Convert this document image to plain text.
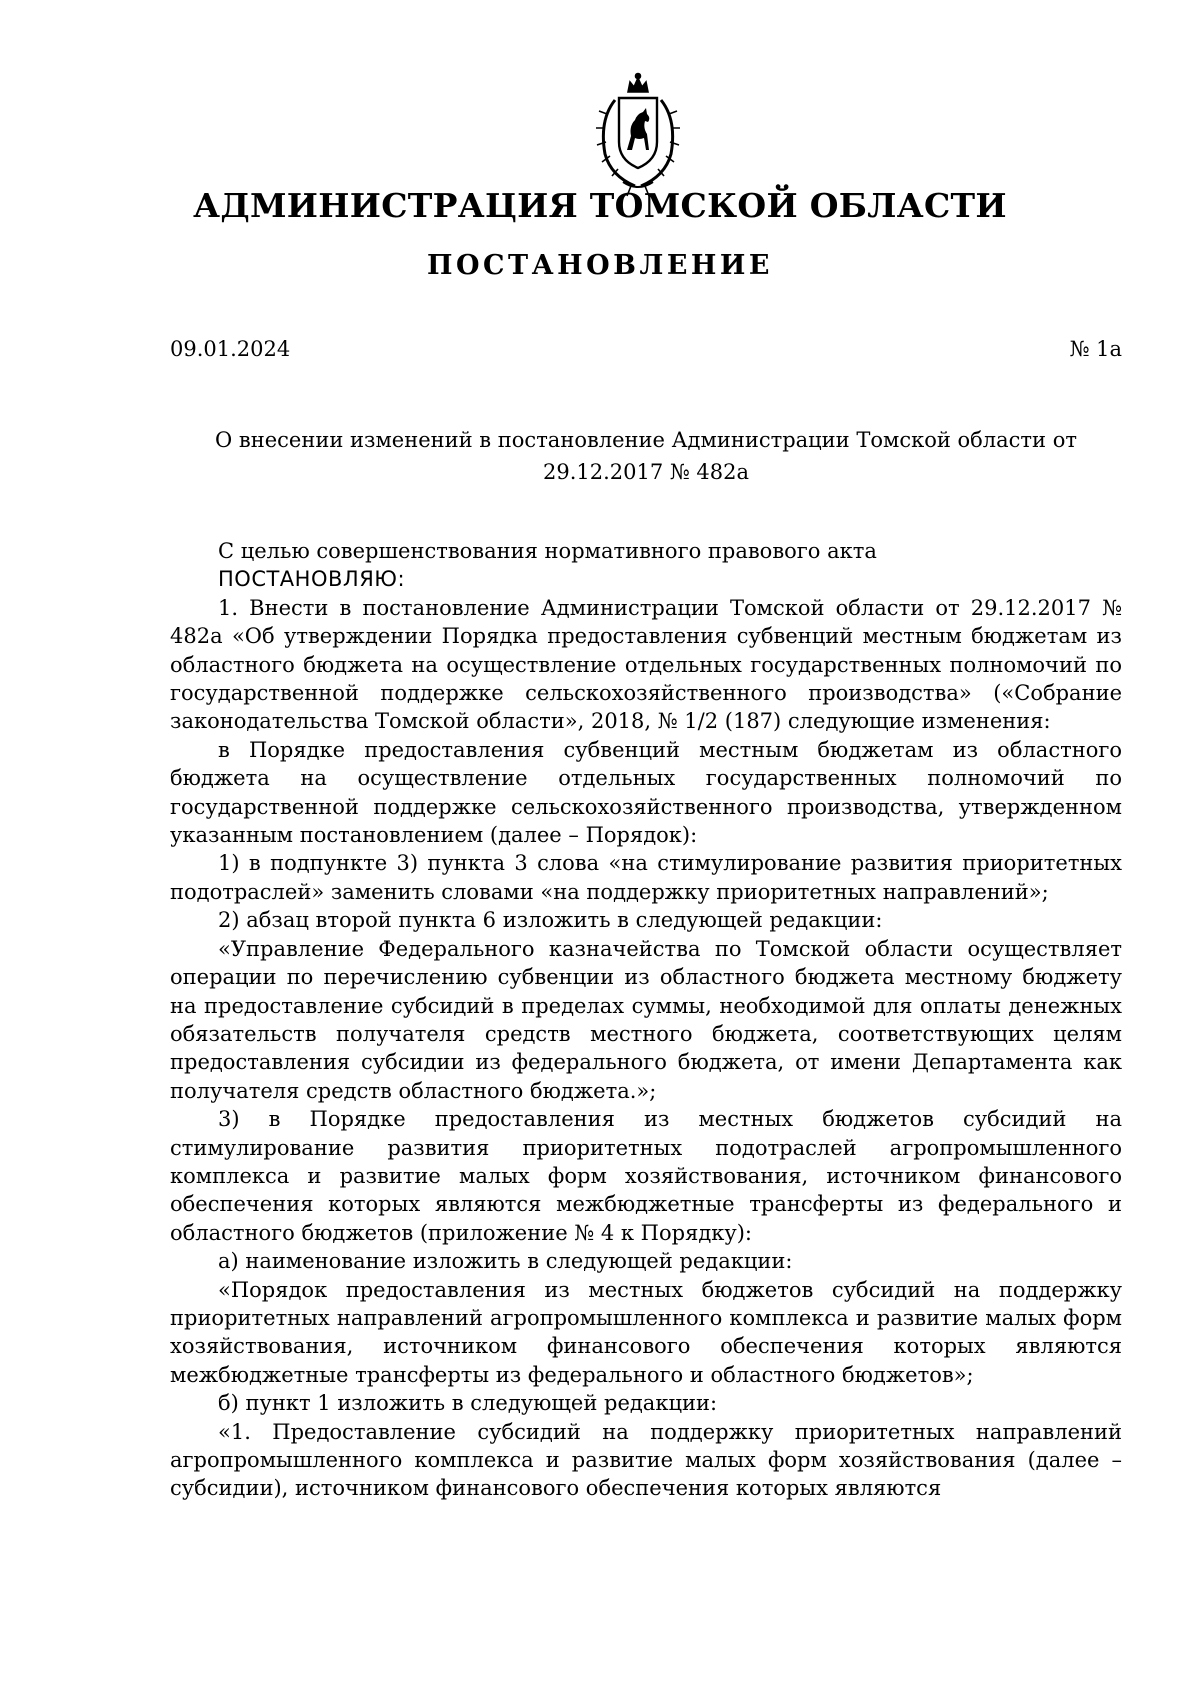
АДМИНИСТРАЦИЯ ТОМСКОЙ ОБЛАСТИ
ПОСТАНОВЛЕНИЕ
09.01.2024	№ 1а
О внесении изменений в постановление Администрации Томской области от
29.12.2017 № 482а

С целью совершенствования нормативного правового акта

ПОСТАНОВЛЯЮ:

1. Внести в постановление Администрации Томской области от 29.12.2017 № 482а «Об утверждении Порядка предоставления субвенций местным бюджетам из областного бюджета на осуществление отдельных государственных полномочий по государственной поддержке сельскохозяйственного производства» («Собрание законодательства Томской области», 2018, № 1/2 (187) следующие изменения:

в Порядке предоставления субвенций местным бюджетам из областного бюджета на осуществление отдельных государственных полномочий по государственной поддержке сельскохозяйственного производства, утвержденном указанным постановлением (далее – Порядок):

1) в подпункте 3) пункта 3 слова «на стимулирование развития приоритетных подотраслей» заменить словами «на поддержку приоритетных направлений»;

2) абзац второй пункта 6 изложить в следующей редакции:

«Управление Федерального казначейства по Томской области осуществляет операции по перечислению субвенции из областного бюджета местному бюджету на предоставление субсидий в пределах суммы, необходимой для оплаты денежных обязательств получателя средств местного бюджета, соответствующих целям предоставления субсидии из федерального бюджета, от имени Департамента как получателя средств областного бюджета.»;

3) в Порядке предоставления из местных бюджетов субсидий на стимулирование развития приоритетных подотраслей агропромышленного комплекса и развитие малых форм хозяйствования, источником финансового обеспечения которых являются межбюджетные трансферты из федерального и областного бюджетов (приложение № 4 к Порядку):

а) наименование изложить в следующей редакции:

«Порядок предоставления из местных бюджетов субсидий на поддержку приоритетных направлений агропромышленного комплекса и развитие малых форм хозяйствования, источником финансового обеспечения которых являются межбюджетные трансферты из федерального и областного бюджетов»;

б) пункт 1 изложить в следующей редакции:

«1. Предоставление субсидий на поддержку приоритетных направлений агропромышленного комплекса и развитие малых форм хозяйствования (далее – субсидии), источником финансового обеспечения которых являются
